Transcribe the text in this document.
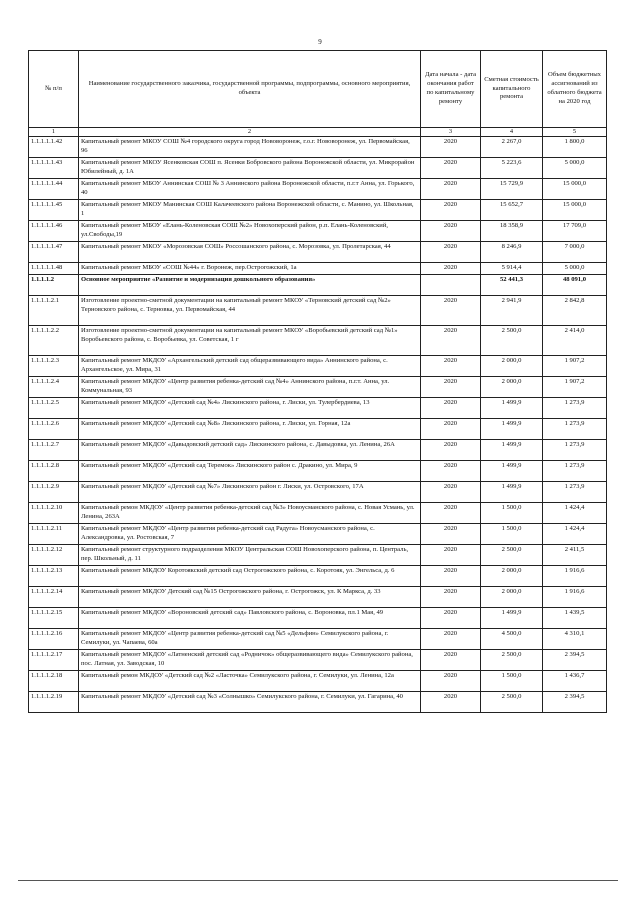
9
№ п/п	Наименование государственного заказчика, государственной программы, подпрограммы, основного мероприятия, объекта	Дата начала - дата окончания работ по капитальному ремонту	Сметная стоимость капитального ремонта	Объем бюджетных ассигнований из облатного бюджета на 2020 год
1	2	3	4	5
1.1.1.1.1.42	Капитальный ремонт МКОУ СОШ №4 городского округа город Нововоронеж, г.о.г. Нововоронеж, ул. Первомайская, 96	2020	2 267,0	1 800,0
1.1.1.1.1.43	Капитальный ремонт МКОУ Ясенковская СОШ п. Ясенки Бобровского района Воронежской области, ул. Микрорайон Юбилейный, д. 1А	2020	5 223,6	5 000,0
1.1.1.1.1.44	Капитальный ремонт МБОУ Аннинская СОШ № 3 Аннинского района Воронежской области, п.г.т Анна, ул. Горького, 40	2020	15 729,9	15 000,0
1.1.1.1.1.45	Капитальный ремонт МКОУ Манинская СОШ Калачеевского района Воронежской области, с. Манино, ул. Школьная, 1	2020	15 652,7	15 000,0
1.1.1.1.1.46	Капитальный ремонт МБОУ «Елань-Коленовская СОШ №2» Новохоперский район, р.п. Елань-Коленовский, ул.Свободы,19	2020	18 358,9	17 709,0
1.1.1.1.1.47	Капитальный ремонт МКОУ «Морозовская СОШ» Россошанского района, с. Морозовка, ул. Пролетарская, 44	2020	8 246,9	7 000,0
1.1.1.1.1.48	Капитальный ремонт МБОУ «СОШ №44» г. Воронеж, пер.Острогожский, 1а	2020	5 914,4	5 000,0
1.1.1.1.2	Основное мероприятие «Развитие и модернизация дошкольного образования»		52 441,3	48 091,0
1.1.1.1.2.1	Изготовление проектно-сметной документации на капитальный ремонт МКОУ «Терновский детский сад №2» Терновского района, с. Терновка, ул. Первомайская, 44	2020	2 941,9	2 842,8
1.1.1.1.2.2	Изготовление проектно-сметной документации на капитальный ремонт МКОУ «Воробьевский детский сад №1» Воробьевского района, с. Воробьевка, ул. Советская, 1 г	2020	2 500,0	2 414,0
1.1.1.1.2.3	Капитальный ремонт МКДОУ «Архангельский детский сад общеразвивающего вида» Аннинского района, с. Архангельское, ул. Мира, 31	2020	2 000,0	1 907,2
1.1.1.1.2.4	Капитальный ремонт МКДОУ «Центр развития ребенка-детский сад №4» Аннинского района, п.г.т. Анна, ул. Коммунальная, 93	2020	2 000,0	1 907,2
1.1.1.1.2.5	Капитальный ремонт МКДОУ «Детский сад №4» Лискинского района, г. Лиски, ул. Тулербердиева, 13	2020	1 499,9	1 273,9
1.1.1.1.2.6	Капитальный ремонт МКДОУ «Детский сад №8» Лискинского района, г. Лиски, ул. Горная, 12а	2020	1 499,9	1 273,9
1.1.1.1.2.7	Капитальный ремонт МКДОУ «Давыдовский детский сад» Лискинского района, с. Давыдовка, ул. Ленина, 26А	2020	1 499,9	1 273,9
1.1.1.1.2.8	Капитальный ремонт МКДОУ «Детский сад Теремок» Лискинского район с. Дракино, ул. Мира, 9	2020	1 499,9	1 273,9
1.1.1.1.2.9	Капитальный ремонт МКДОУ «Детский сад №7» Лискинского район г. Лиски, ул. Островского, 17А	2020	1 499,9	1 273,9
1.1.1.1.2.10	Капитальный ремон МКДОУ «Центр развития ребенка-детский сад №3» Новоусманского района, с. Новая Усмань, ул. Ленина, 263А	2020	1 500,0	1 424,4
1.1.1.1.2.11	Капитальный ремонт МКДОУ «Центр развития ребенка-детский сад Радуга» Новоусманского района, с. Александровка, ул. Ростовская, 7	2020	1 500,0	1 424,4
1.1.1.1.2.12	Капитальный ремонт структурного подразделения МКОУ Центральская СОШ Новохоперского района, п. Централь, пер. Школьный, д. 11	2020	2 500,0	2 411,5
1.1.1.1.2.13	Капитальный ремонт МКДОУ Коротоякский детский сад Острогожского района, с. Коротояк, ул. Энгельса, д. 6	2020	2 000,0	1 916,6
1.1.1.1.2.14	Капитальный ремонт МКДОУ Детский сад №15 Острогожского района, г. Острогожск, ул. К Маркса, д. 33	2020	2 000,0	1 916,6
1.1.1.1.2.15	Капитальный ремонт МКДОУ «Вороновский детский сад» Павловского района, с. Вороновка, пл.1 Мая, 49	2020	1 499,9	1 439,5
1.1.1.1.2.16	Капитальный ремонт МКДОУ «Центр развития ребенка-детский сад №5 «Дельфин» Семилукского района, г. Семилуки, ул. Чапаева, 60а	2020	4 500,0	4 310,1
1.1.1.1.2.17	Капитальный ремонт МКДОУ «Латненский детский сад «Родничок» общеразвивающего вида» Семилукского района, пос. Латная, ул. Заводская, 10	2020	2 500,0	2 394,5
1.1.1.1.2.18	Капитальный ремон МКДОУ «Детский сад №2 «Ласточка» Семилукского района, г. Семилуки, ул. Ленина, 12а	2020	1 500,0	1 436,7
1.1.1.1.2.19	Капитальный ремонт МКДОУ «Детский сад №3 «Солнышко» Семилукского района, г. Семилуки, ул. Гагарина, 40	2020	2 500,0	2 394,5
